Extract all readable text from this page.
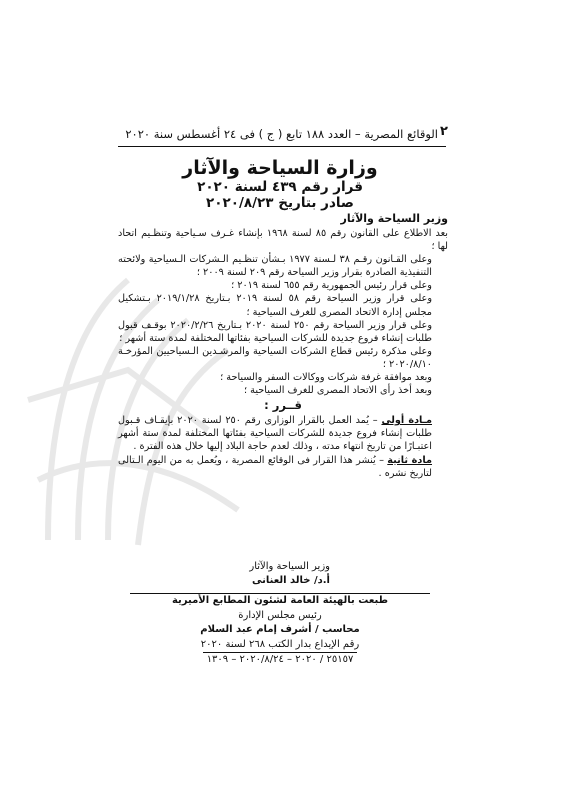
٢
الوقائع المصرية – العدد ١٨٨ تابع ( ج ) فى ٢٤ أغسطس سنة ٢٠٢٠
وزارة السياحة والآثار
قرار رقم ٤٣٩ لسنة ٢٠٢٠
صادر بتاريخ ٢٠٢٠/٨/٢٣

وزير السياحة والآثار

بعد الاطلاع على القانون رقم ٨٥ لسنة ١٩٦٨ بإنشاء غـرف سـياحية وتنظـيم اتحاد لها ؛

وعلى القـانون رقـم ٣٨ لـسنة ١٩٧٧ بـشأن تنظـيم الـشركات الـسياحية ولائحته التنفيذية الصادرة بقرار وزير السياحة رقم ٢٠٩ لسنة ٢٠٠٩ ؛

وعلى قرار رئيس الجمهورية رقم ٦٥٥ لسنة ٢٠١٩ ؛

وعلى قرار وزير السياحة رقم ٥٨ لسنة ٢٠١٩ بـتاريخ ٢٠١٩/١/٢٨ بـتشكيل مجلس إدارة الاتحاد المصرى للغرف السياحية ؛

وعلى قرار وزير السياحة رقم ٢٥٠ لسنة ٢٠٢٠ بـتاريخ ٢٠٢٠/٢/٢٦ بوقـف قبول طلبات إنشاء فروع جديدة للشركات السياحية بفئاتها المختلفة لمدة ستة أشهر ؛

وعلى مذكرة رئيس قطاع الشركات السياحية والمرشـدين الـسياحيين المؤرخـة ٢٠٢٠/٨/١٠ ؛

وبعد موافقة غرفة شركات ووكالات السفر والسياحة ؛

وبعد أخذ رأى الاتحاد المصرى للغرف السياحية ؛

قــرر :

مـادة أولى – يُمد العمل بالقرار الوزارى رقم ٢٥٠ لسنة ٢٠٢٠ بإيقـاف قـبول طلبات إنشاء فروع جديدة للشركات السياحية بفئاتها المختلفة لمدة ستة أشهر اعتبـارًا من تاريخ انتهاء مدته ، وذلك لعدم حاجة البلاد إليها خلال هذه الفترة .

مادة ثانية – يُنشر هذا القرار فى الوقائع المصرية ، ويُعمل به من اليوم الـتالى لتاريخ نشره .

وزير السياحة والآثار
أ.د/ خالد العنانى
طبعت بالهيئة العامة لشئون المطابع الأميرية
رئيس مجلس الإدارة
محاسب / أشرف إمام عبد السلام
رقم الإيداع بدار الكتب ٢٦٨ لسنة ٢٠٢٠
٢٥١٥٧ / ٢٠٢٠ – ٢٠٢٠/٨/٢٤ – ١٣٠٩
